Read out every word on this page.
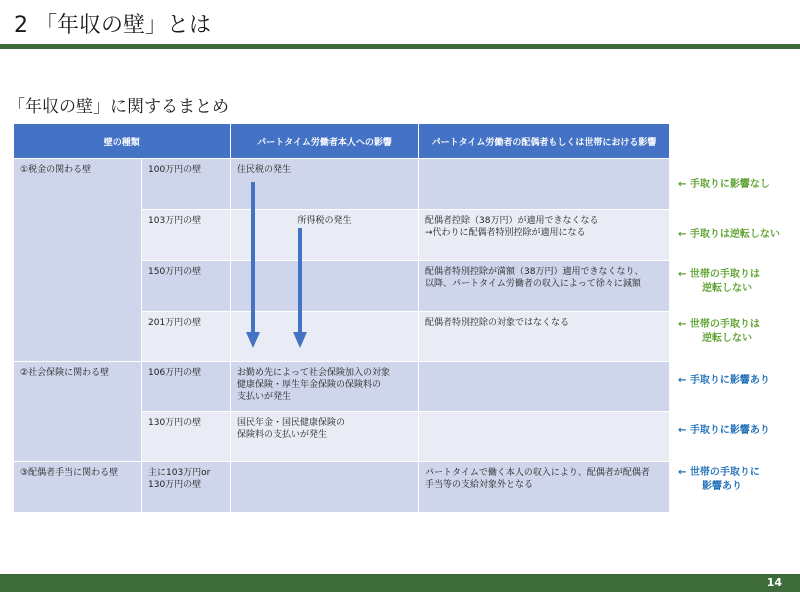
2 「年収の壁」とは
「年収の壁」に関するまとめ
壁の種類		パートタイム労働者本人への影響	パートタイム労働者の配偶者もしくは世帯における影響
①税金の関わる壁	100万円の壁	住民税の発生	
	103万円の壁	所得税の発生	配偶者控除（38万円）が適用できなくなる
→代わりに配偶者特別控除が適用になる
	150万円の壁		配偶者特別控除が満額（38万円）適用できなくなり、
以降、パートタイム労働者の収入によって徐々に減額
	201万円の壁		配偶者特別控除の対象ではなくなる
②社会保険に関わる壁	106万円の壁	お勤め先によって社会保険加入の対象
健康保険・厚生年金保険の保険料の
支払いが発生	
	130万円の壁	国民年金・国民健康保険の
保険料の支払いが発生	
③配偶者手当に関わる壁	主に103万円or
130万円の壁		パートタイムで働く本人の収入により、配偶者が配偶者
手当等の支給対象外となる
← 手取りに影響なし
← 手取りは逆転しない
← 世帯の手取りは
逆転しない
← 世帯の手取りは
逆転しない
← 手取りに影響あり
← 手取りに影響あり
← 世帯の手取りに
影響あり
14
